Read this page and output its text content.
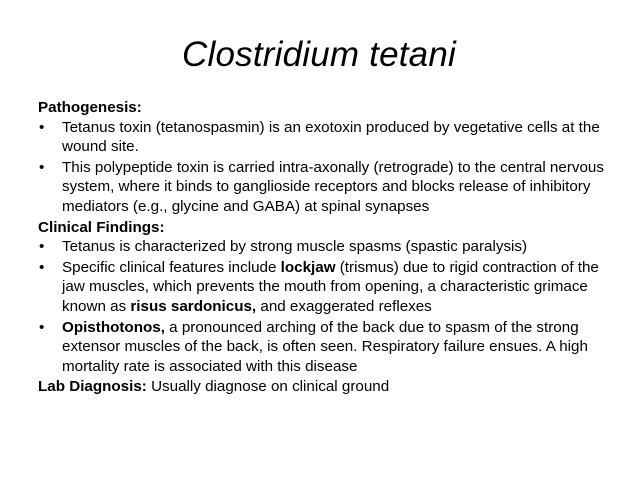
Clostridium tetani

Pathogenesis:

• Tetanus toxin (tetanospasmin) is an exotoxin produced by vegetative cells at the wound site.
• This polypeptide toxin is carried intra-axonally (retrograde) to the central nervous system, where it binds to ganglioside receptors and blocks release of inhibitory mediators (e.g., glycine and GABA) at spinal synapses

Clinical Findings:

• Tetanus is characterized by strong muscle spasms (spastic paralysis)
• Specific clinical features include lockjaw (trismus) due to rigid contraction of the jaw muscles, which prevents the mouth from opening, a characteristic grimace known as risus sardonicus, and exaggerated reflexes
• Opisthotonos, a pronounced arching of the back due to spasm of the strong extensor muscles of the back, is often seen. Respiratory failure ensues. A high mortality rate is associated with this disease

Lab Diagnosis: Usually diagnose on clinical ground
